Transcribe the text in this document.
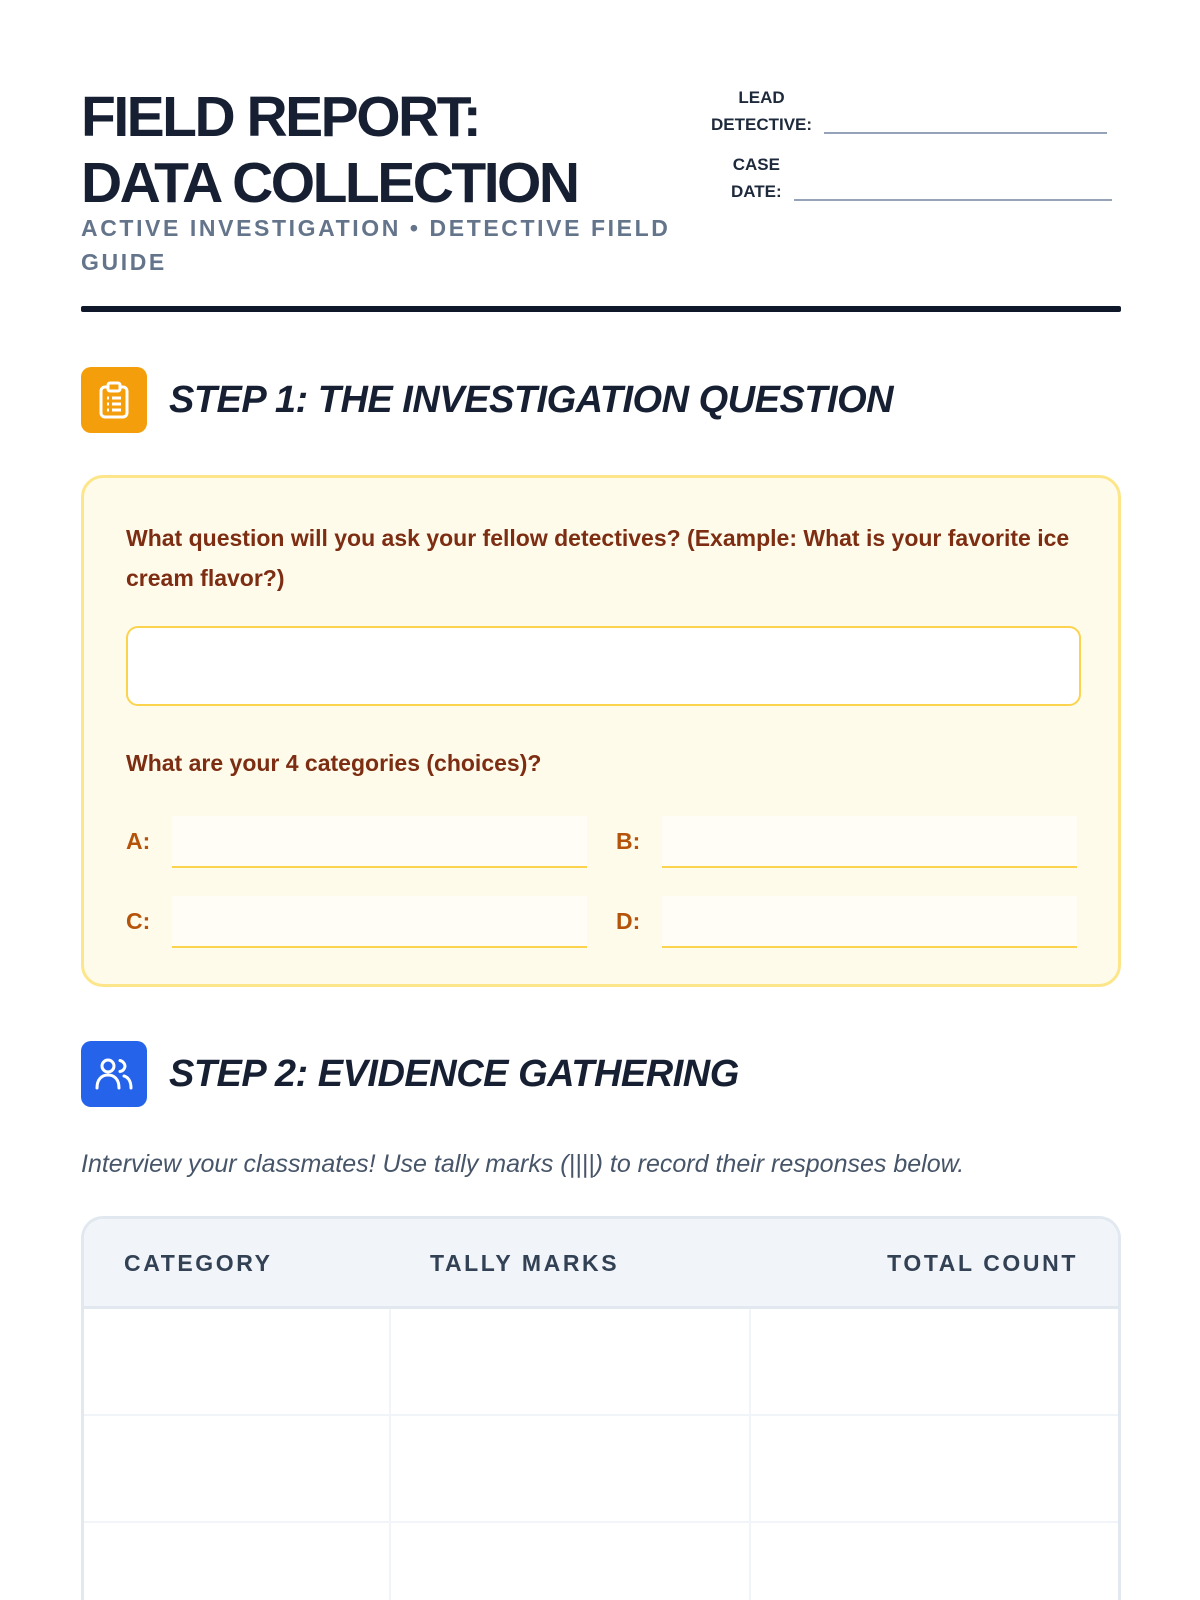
FIELD REPORT:
DATA COLLECTION
ACTIVE INVESTIGATION • DETECTIVE FIELD GUIDE
LEAD
DETECTIVE:
CASE
DATE:
STEP 1: THE INVESTIGATION QUESTION
What question will you ask your fellow detectives? (Example: What is your favorite ice cream flavor?)
What are your 4 categories (choices)?
A:	B:
C:	D:
STEP 2: EVIDENCE GATHERING
Interview your classmates! Use tally marks (||||) to record their responses below.
CATEGORY	TALLY MARKS	TOTAL COUNT
